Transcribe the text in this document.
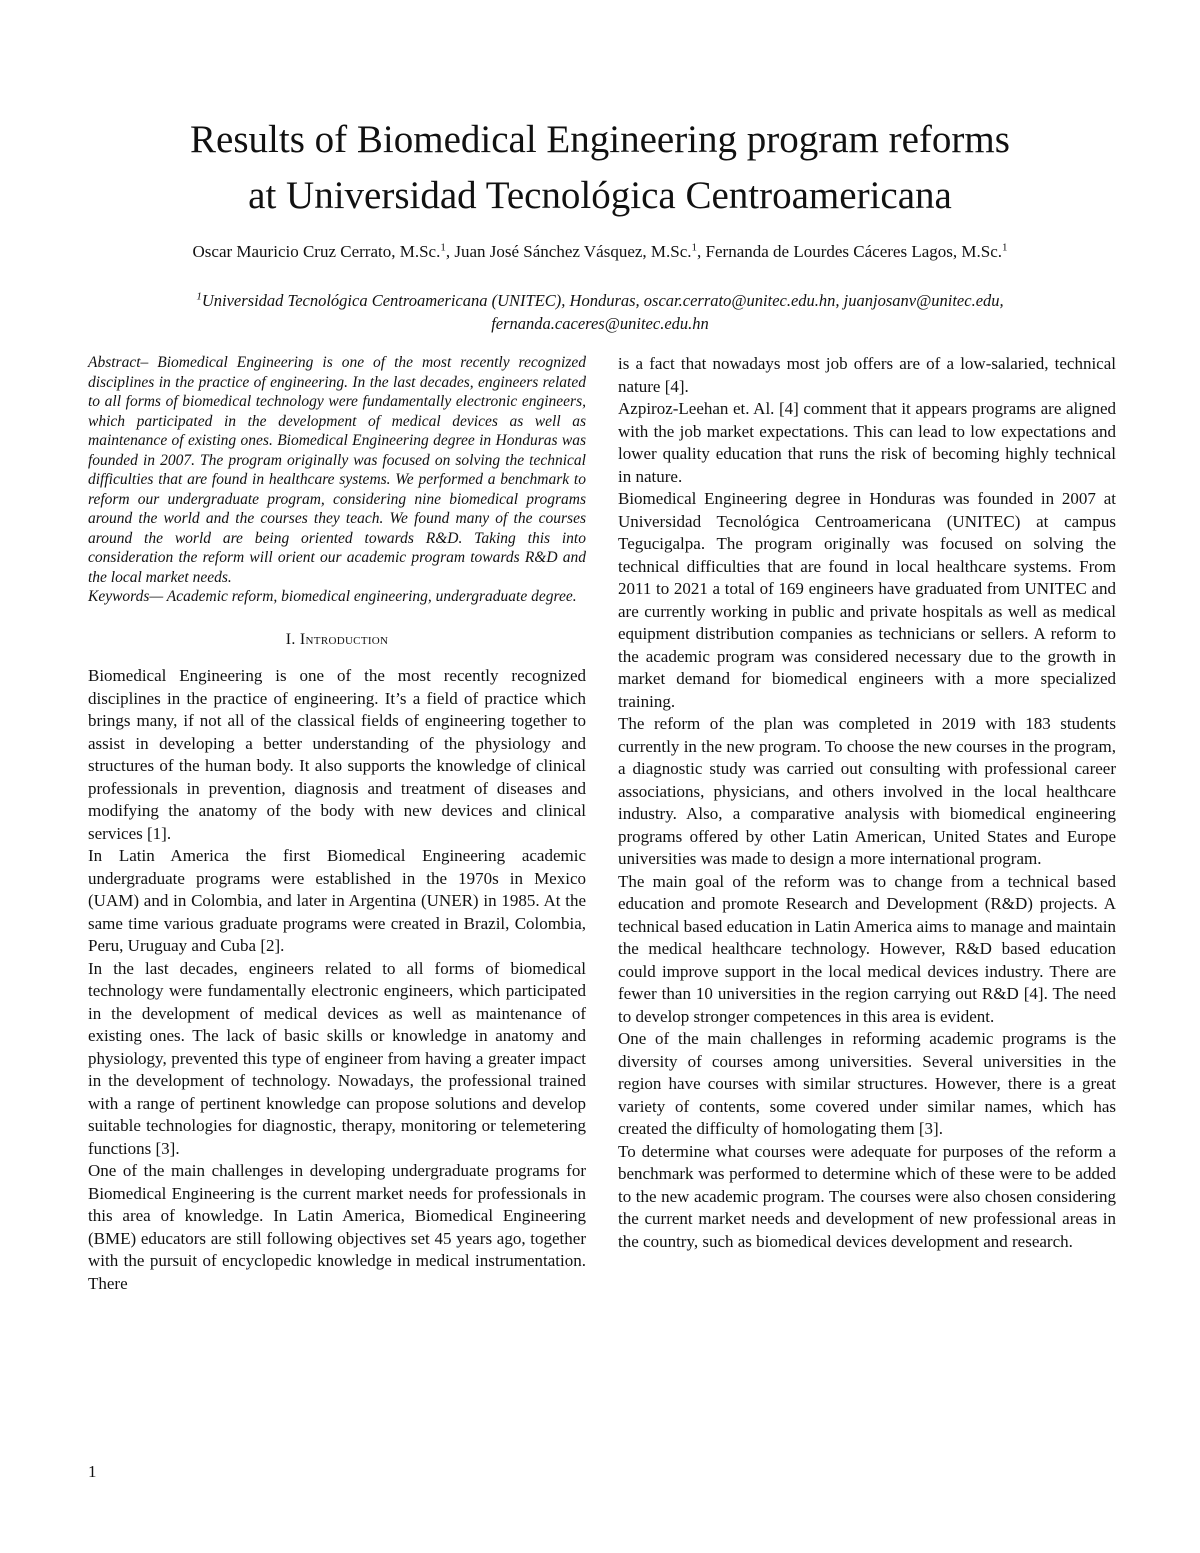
Results of Biomedical Engineering program reforms
at Universidad Tecnológica Centroamericana

Oscar Mauricio Cruz Cerrato, M.Sc.$^1$, Juan José Sánchez Vásquez, M.Sc.$^1$, Fernanda de Lourdes Cáceres Lagos, M.Sc.$^1$

$^1$Universidad Tecnológica Centroamericana (UNITEC), Honduras, oscar.cerrato@unitec.edu.hn, juanjosanv@unitec.edu, fernanda.caceres@unitec.edu.hn

Abstract– Biomedical Engineering is one of the most recently recognized disciplines in the practice of engineering. In the last decades, engineers related to all forms of biomedical technology were fundamentally electronic engineers, which participated in the development of medical devices as well as maintenance of existing ones. Biomedical Engineering degree in Honduras was founded in 2007. The program originally was focused on solving the technical difficulties that are found in healthcare systems. We performed a benchmark to reform our undergraduate program, considering nine biomedical programs around the world and the courses they teach. We found many of the courses around the world are being oriented towards R&D. Taking this into consideration the reform will orient our academic program towards R&D and the local market needs.

Keywords— Academic reform, biomedical engineering, undergraduate degree.

I. Introduction

Biomedical Engineering is one of the most recently recognized disciplines in the practice of engineering. It’s a field of practice which brings many, if not all of the classical fields of engineering together to assist in developing a better understanding of the physiology and structures of the human body. It also supports the knowledge of clinical professionals in prevention, diagnosis and treatment of diseases and modifying the anatomy of the body with new devices and clinical services [1].

In Latin America the first Biomedical Engineering academic undergraduate programs were established in the 1970s in Mexico (UAM) and in Colombia, and later in Argentina (UNER) in 1985. At the same time various graduate programs were created in Brazil, Colombia, Peru, Uruguay and Cuba [2].

In the last decades, engineers related to all forms of biomedical technology were fundamentally electronic engineers, which participated in the development of medical devices as well as maintenance of existing ones. The lack of basic skills or knowledge in anatomy and physiology, prevented this type of engineer from having a greater impact in the development of technology. Nowadays, the professional trained with a range of pertinent knowledge can propose solutions and develop suitable technologies for diagnostic, therapy, monitoring or telemetering functions [3].

One of the main challenges in developing undergraduate programs for Biomedical Engineering is the current market needs for professionals in this area of knowledge. In Latin America, Biomedical Engineering (BME) educators are still following objectives set 45 years ago, together with the pursuit of encyclopedic knowledge in medical instrumentation. There

is a fact that nowadays most job offers are of a low-salaried, technical nature [4].

Azpiroz-Leehan et. Al. [4] comment that it appears programs are aligned with the job market expectations. This can lead to low expectations and lower quality education that runs the risk of becoming highly technical in nature.

Biomedical Engineering degree in Honduras was founded in 2007 at Universidad Tecnológica Centroamericana (UNITEC) at campus Tegucigalpa. The program originally was focused on solving the technical difficulties that are found in local healthcare systems. From 2011 to 2021 a total of 169 engineers have graduated from UNITEC and are currently working in public and private hospitals as well as medical equipment distribution companies as technicians or sellers. A reform to the academic program was considered necessary due to the growth in market demand for biomedical engineers with a more specialized training.

The reform of the plan was completed in 2019 with 183 students currently in the new program. To choose the new courses in the program, a diagnostic study was carried out consulting with professional career associations, physicians, and others involved in the local healthcare industry. Also, a comparative analysis with biomedical engineering programs offered by other Latin American, United States and Europe universities was made to design a more international program.

The main goal of the reform was to change from a technical based education and promote Research and Development (R&D) projects. A technical based education in Latin America aims to manage and maintain the medical healthcare technology. However, R&D based education could improve support in the local medical devices industry. There are fewer than 10 universities in the region carrying out R&D [4]. The need to develop stronger competences in this area is evident.

One of the main challenges in reforming academic programs is the diversity of courses among universities. Several universities in the region have courses with similar structures. However, there is a great variety of contents, some covered under similar names, which has created the difficulty of homologating them [3].

To determine what courses were adequate for purposes of the reform a benchmark was performed to determine which of these were to be added to the new academic program. The courses were also chosen considering the current market needs and development of new professional areas in the country, such as biomedical devices development and research.

1
